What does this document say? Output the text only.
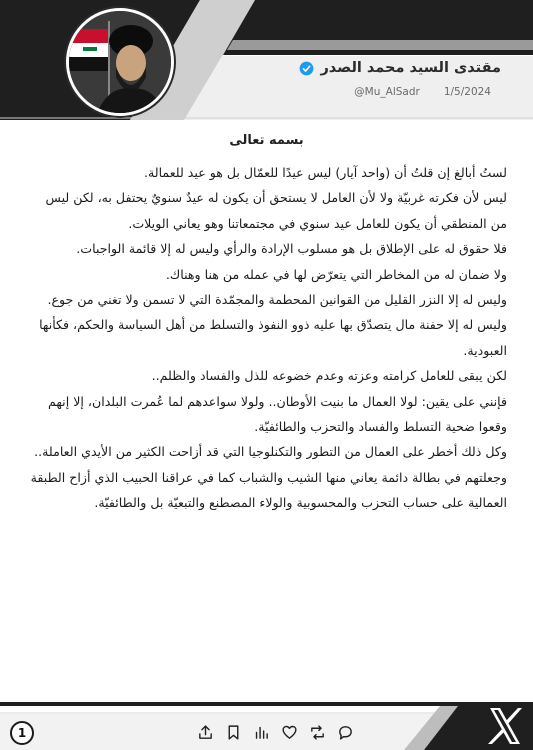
مقتدى السيد محمد الصدر
@Mu_AlSadr 1/5/2024
بسمه تعالى

لستُ أبالغ إن قلتُ أن (واحد آيار) ليس عيدًا للعمّال بل هو عيد للعمالة.

ليس لأن فكرته غربيّة ولا لأن العامل لا يستحق أن يكون له عيدٌ سنويٌ يحتفل به، لكن ليس من المنطقي أن يكون للعامل عيد سنوي في مجتمعاتنا وهو يعاني الويلات.

فلا حقوق له على الإطلاق بل هو مسلوب الإرادة والرأي وليس له إلا قائمة الواجبات.

ولا ضمان له من المخاطر التي يتعرّض لها في عمله من هنا وهناك.

وليس له إلا النزر القليل من القوانين المحطمة والمجمّدة التي لا تسمن ولا تغني من جوع.

وليس له إلا حفنة مال يتصدّق بها عليه ذوو النفوذ والتسلط من أهل السياسة والحكم، فكأنها العبودية.

لكن يبقى للعامل كرامته وعزته وعدم خضوعه للذل والفساد والظلم..

فإنني على يقين: لولا العمال ما بنيت الأوطان.. ولولا سواعدهم لما عُمرت البلدان، إلا إنهم وقعوا ضحية التسلط والفساد والتحزب والطائفيّة.

وكل ذلك أخطر على العمال من التطور والتكنلوجيا التي قد أزاحت الكثير من الأيدي العاملة.. وجعلتهم في بطالة دائمة يعاني منها الشيب والشباب كما في عراقنا الحبيب الذي أزاح الطبقة العمالية على حساب التحزب والمحسوبية والولاء المصطنع والتبعيّة بل والطائفيّة.

1
